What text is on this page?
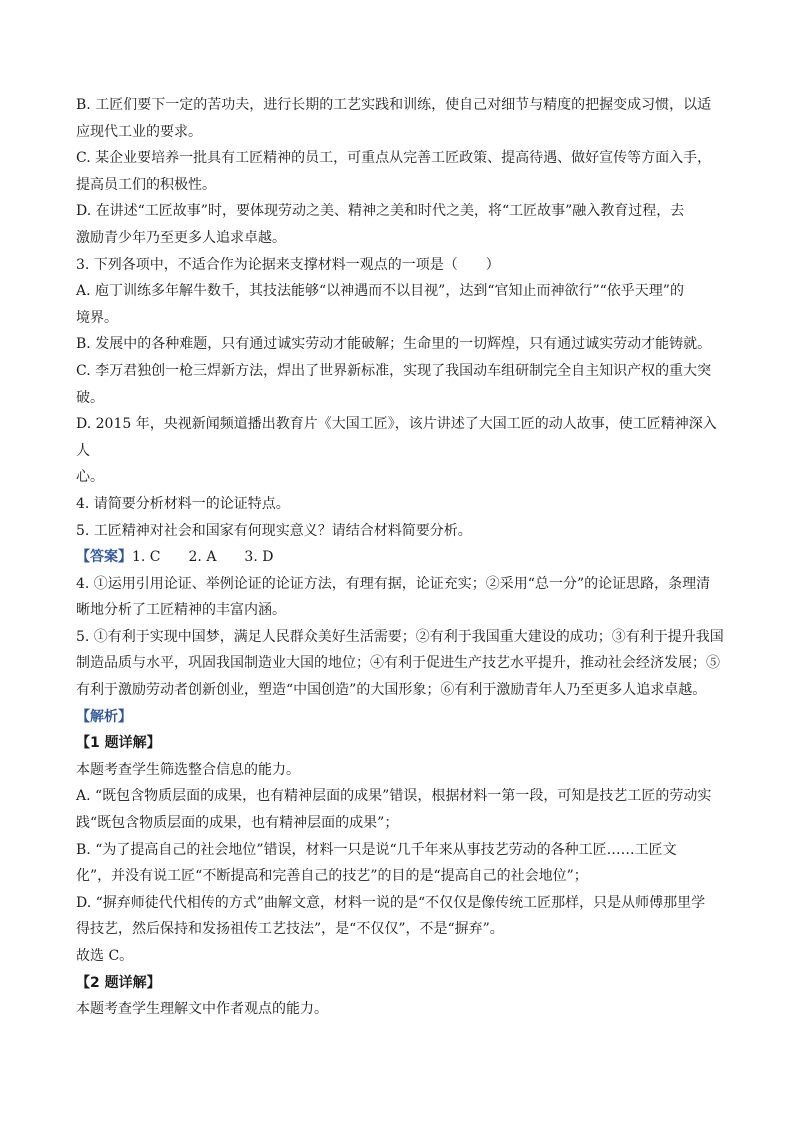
B. 工匠们要下一定的苦功夫，进行长期的工艺实践和训练，使自己对细节与精度的把握变成习惯，以适

应现代工业的要求。

C. 某企业要培养一批具有工匠精神的员工，可重点从完善工匠政策、提高待遇、做好宣传等方面入手，

提高员工们的积极性。

D. 在讲述“工匠故事”时，要体现劳动之美、精神之美和时代之美，将“工匠故事”融入教育过程，去

激励青少年乃至更多人追求卓越。

3. 下列各项中，不适合作为论据来支撑材料一观点的一项是（　　）

A. 庖丁训练多年解牛数千，其技法能够“以神遇而不以目视”，达到“官知止而神欲行”“依乎天理”的

境界。

B. 发展中的各种难题，只有通过诚实劳动才能破解；生命里的一切辉煌，只有通过诚实劳动才能铸就。

C. 李万君独创一枪三焊新方法，焊出了世界新标准，实现了我国动车组研制完全自主知识产权的重大突

破。

D. 2015 年，央视新闻频道播出教育片《大国工匠》，该片讲述了大国工匠的动人故事，使工匠精神深入人

心。

4. 请简要分析材料一的论证特点。

5. 工匠精神对社会和国家有何现实意义？请结合材料简要分析。

【答案】1. C　　2. A　　3. D

4. ①运用引用论证、举例论证的论证方法，有理有据，论证充实；②采用“总一分”的论证思路，条理清

晰地分析了工匠精神的丰富内涵。

5. ①有利于实现中国梦，满足人民群众美好生活需要；②有利于我国重大建设的成功；③有利于提升我国

制造品质与水平，巩固我国制造业大国的地位；④有利于促进生产技艺水平提升，推动社会经济发展；⑤

有利于激励劳动者创新创业，塑造“中国创造”的大国形象；⑥有利于激励青年人乃至更多人追求卓越。

【解析】

【1 题详解】

本题考查学生筛选整合信息的能力。

A. “既包含物质层面的成果，也有精神层面的成果”错误，根据材料一第一段，可知是技艺工匠的劳动实

践“既包含物质层面的成果，也有精神层面的成果”；

B. “为了提高自己的社会地位”错误，材料一只是说“几千年来从事技艺劳动的各种工匠……工匠文

化”，并没有说工匠“不断提高和完善自己的技艺”的目的是“提高自己的社会地位”；

D. “摒弃师徒代代相传的方式”曲解文意，材料一说的是“不仅仅是像传统工匠那样，只是从师傅那里学

得技艺，然后保持和发扬祖传工艺技法”，是“不仅仅”，不是“摒弃”。

故选 C。

【2 题详解】

本题考查学生理解文中作者观点的能力。
